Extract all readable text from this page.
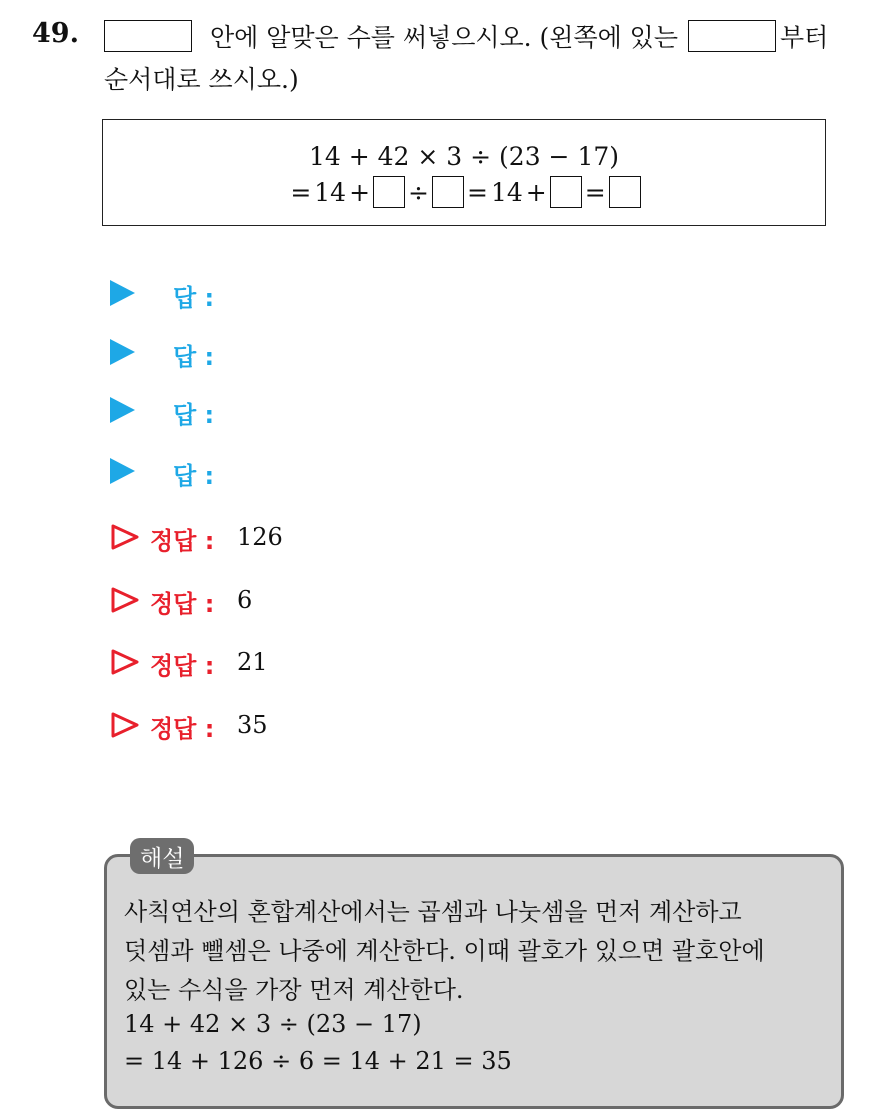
49.	안에 알맞은 수를 써넣으시오. (왼쪽에 있는	부터
순서대로 쓰시오.)
14 + 42 × 3 ÷ (23 − 17)
= 14 + ÷ = 14 + =
답 :
답 :
답 :
답 :
정답 : 126
정답 : 6
정답 : 21
정답 : 35
해설
사칙연산의 혼합계산에서는 곱셈과 나눗셈을 먼저 계산하고
덧셈과 뺄셈은 나중에 계산한다. 이때 괄호가 있으면 괄호안에
있는 수식을 가장 먼저 계산한다.
14 + 42 × 3 ÷ (23 − 17)
= 14 + 126 ÷ 6 = 14 + 21 = 35
